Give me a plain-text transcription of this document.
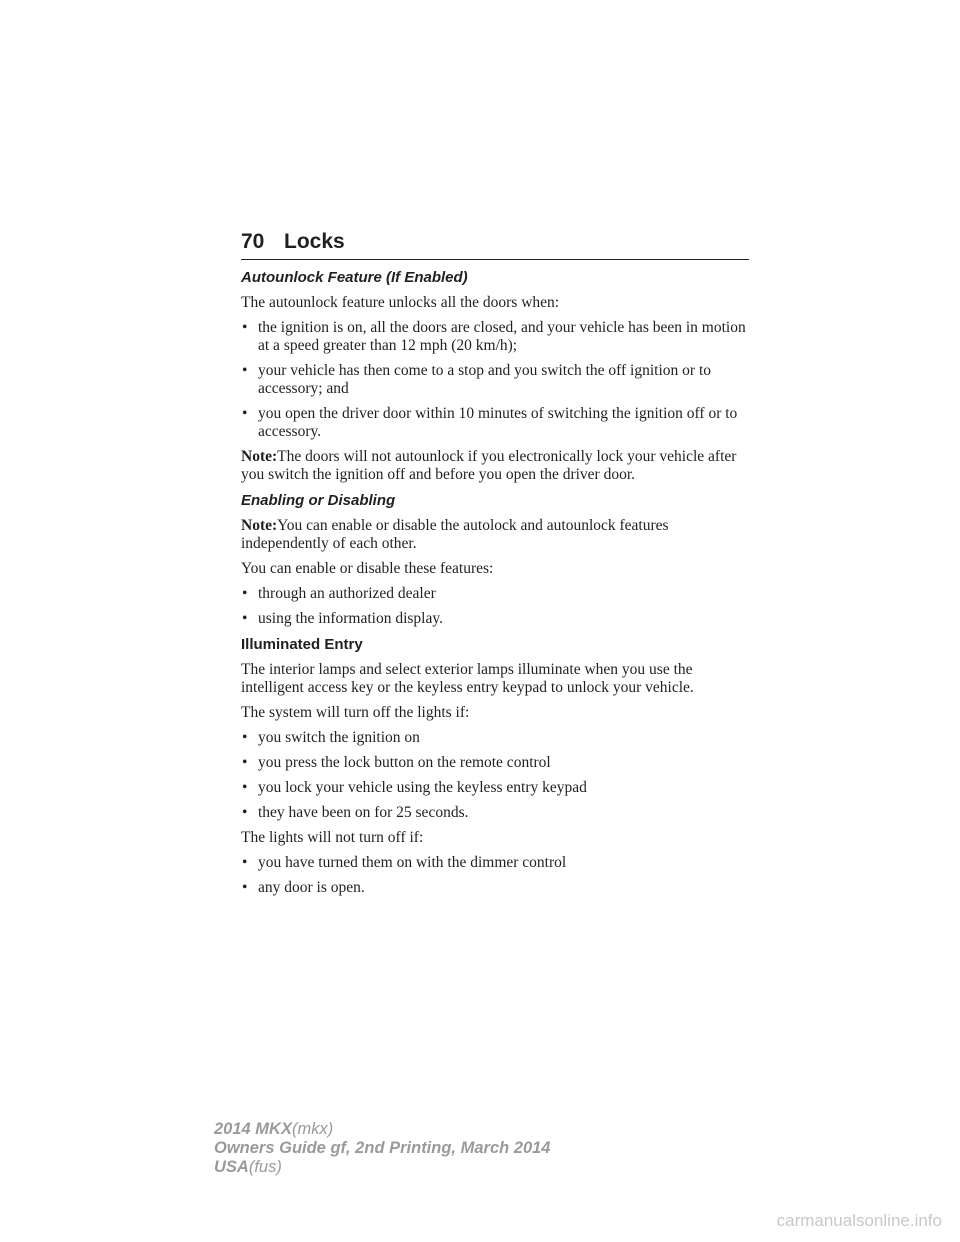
70 Locks
Autounlock Feature (If Enabled)

The autounlock feature unlocks all the doors when:

• the ignition is on, all the doors are closed, and your vehicle has been in motion at a speed greater than 12 mph (20 km/h);
• your vehicle has then come to a stop and you switch the off ignition or to accessory; and
• you open the driver door within 10 minutes of switching the ignition off or to accessory.

Note:The doors will not autounlock if you electronically lock your vehicle after you switch the ignition off and before you open the driver door.

Enabling or Disabling

Note:You can enable or disable the autolock and autounlock features independently of each other.

You can enable or disable these features:

• through an authorized dealer
• using the information display.
Illuminated Entry

The interior lamps and select exterior lamps illuminate when you use the intelligent access key or the keyless entry keypad to unlock your vehicle.

The system will turn off the lights if:

• you switch the ignition on
• you press the lock button on the remote control
• you lock your vehicle using the keyless entry keypad
• they have been on for 25 seconds.

The lights will not turn off if:

• you have turned them on with the dimmer control
• any door is open.
2014 MKX(mkx)
Owners Guide gf, 2nd Printing, March 2014
USA(fus)
carmanualsonline.info
